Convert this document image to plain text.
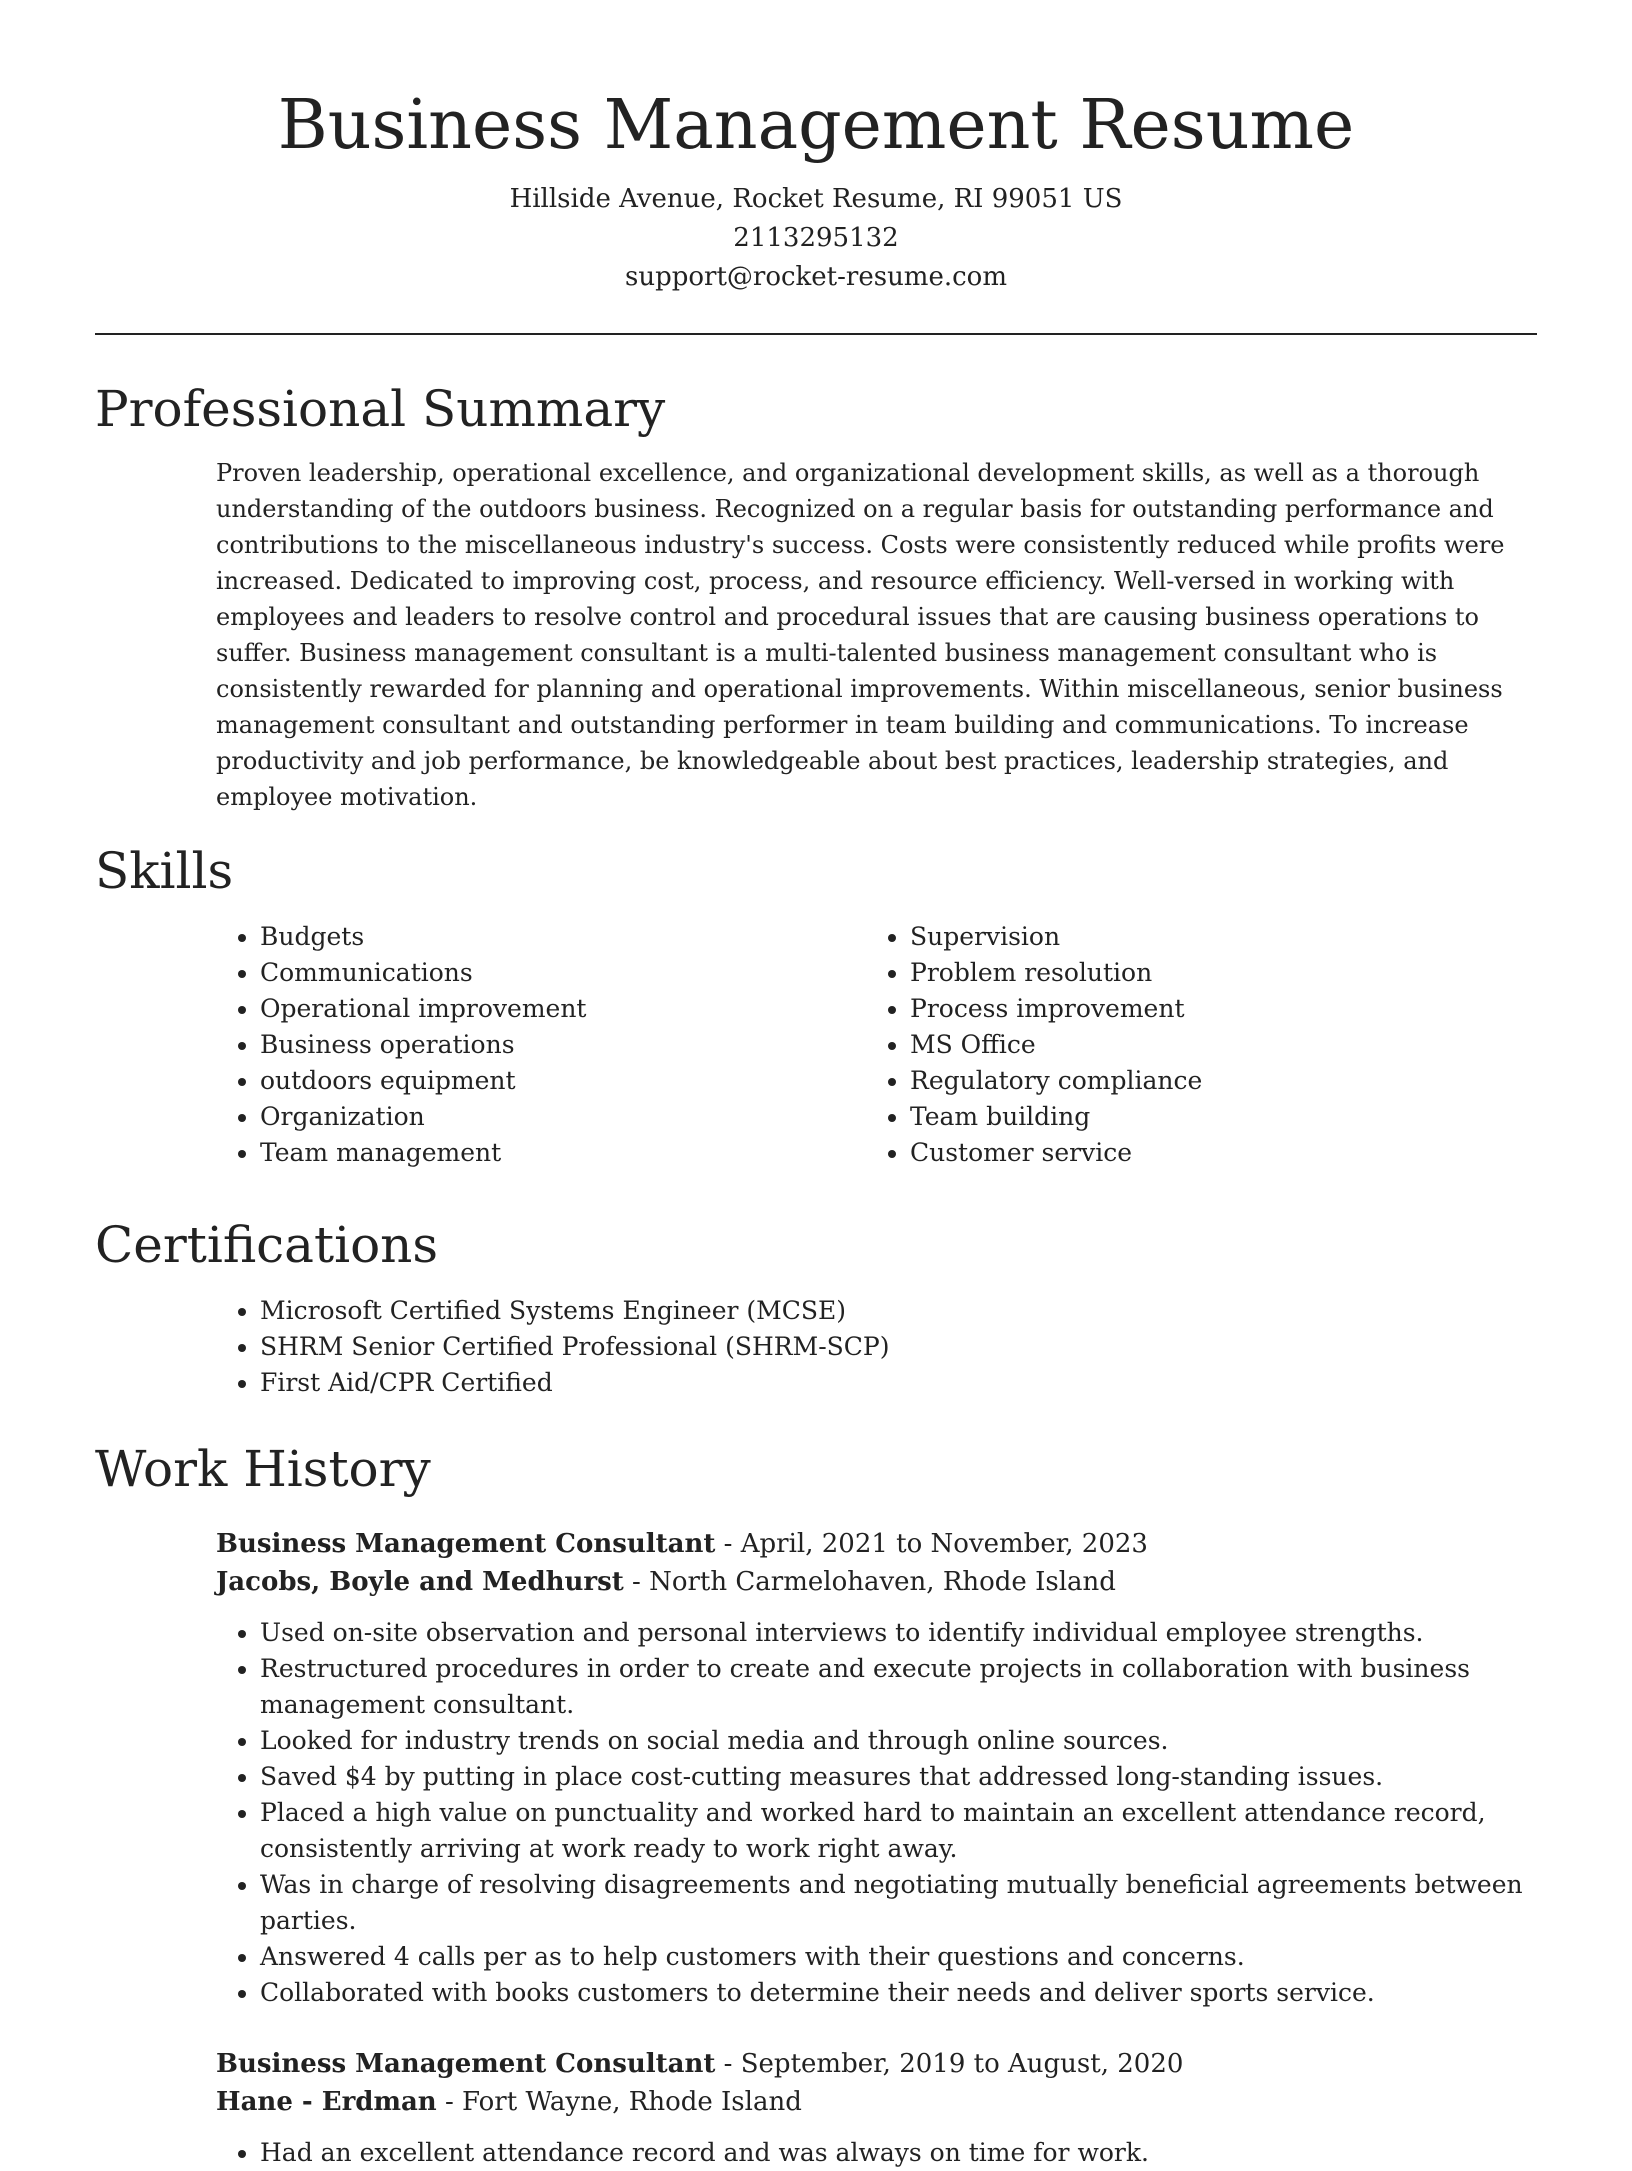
Business Management Resume
Hillside Avenue, Rocket Resume, RI 99051 US
2113295132
support@rocket-resume.com
Professional Summary

Proven leadership, operational excellence, and organizational development skills, as well as a thorough understanding of the outdoors business. Recognized on a regular basis for outstanding performance and contributions to the miscellaneous industry's success. Costs were consistently reduced while profits were increased. Dedicated to improving cost, process, and resource efficiency. Well-versed in working with employees and leaders to resolve control and procedural issues that are causing business operations to suffer. Business management consultant is a multi-talented business management consultant who is consistently rewarded for planning and operational improvements. Within miscellaneous, senior business management consultant and outstanding performer in team building and communications. To increase productivity and job performance, be knowledgeable about best practices, leadership strategies, and employee motivation.

Skills
• Budgets
• Communications
• Operational improvement
• Business operations
• outdoors equipment
• Organization
• Team management
• Supervision
• Problem resolution
• Process improvement
• MS Office
• Regulatory compliance
• Team building
• Customer service
Certifications
• Microsoft Certified Systems Engineer (MCSE)
• SHRM Senior Certified Professional (SHRM-SCP)
• First Aid/CPR Certified
Work History
Business Management Consultant - April, 2021 to November, 2023
Jacobs, Boyle and Medhurst - North Carmelohaven, Rhode Island
• Used on-site observation and personal interviews to identify individual employee strengths.
• Restructured procedures in order to create and execute projects in collaboration with business management consultant.
• Looked for industry trends on social media and through online sources.
• Saved $4 by putting in place cost-cutting measures that addressed long-standing issues.
• Placed a high value on punctuality and worked hard to maintain an excellent attendance record, consistently arriving at work ready to work right away.
• Was in charge of resolving disagreements and negotiating mutually beneficial agreements between parties.
• Answered 4 calls per as to help customers with their questions and concerns.
• Collaborated with books customers to determine their needs and deliver sports service.
Business Management Consultant - September, 2019 to August, 2020
Hane - Erdman - Fort Wayne, Rhode Island
• Had an excellent attendance record and was always on time for work.
